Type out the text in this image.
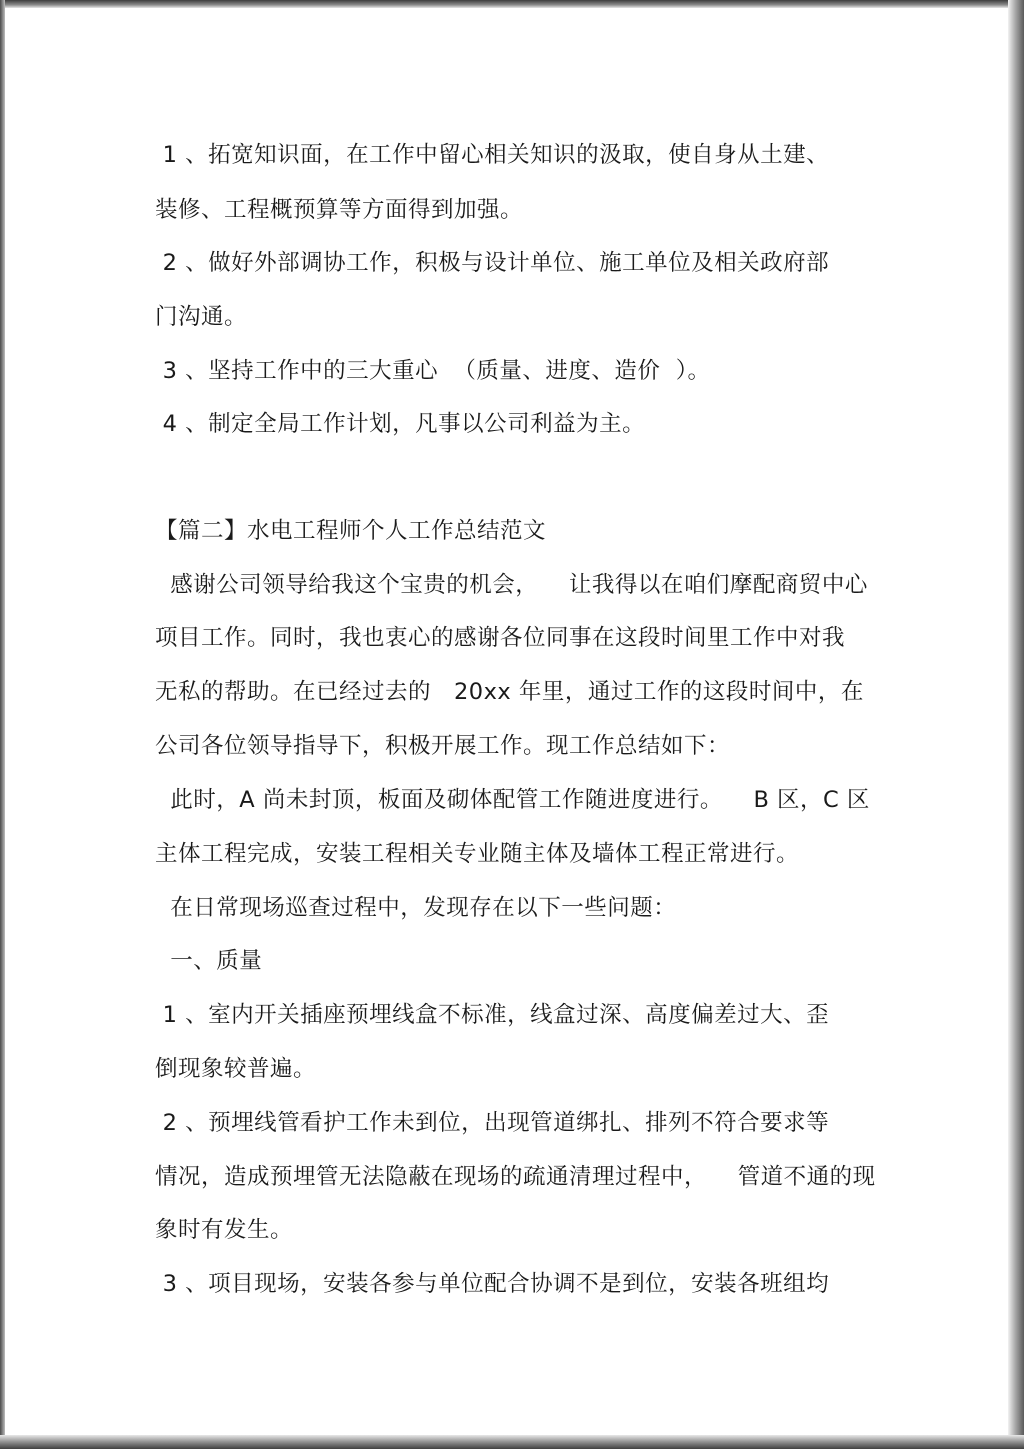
1 、拓宽知识面，在工作中留心相关知识的汲取，使自身从土建、
装修、工程概预算等方面得到加强。
2 、做好外部调协工作，积极与设计单位、施工单位及相关政府部
门沟通。
3 、坚持工作中的三大重心  （质量、进度、造价  ）。
4 、制定全局工作计划，凡事以公司利益为主。
【篇二】水电工程师个人工作总结范文
感谢公司领导给我这个宝贵的机会，    让我得以在咱们摩配商贸中心
项目工作。同时，我也衷心的感谢各位同事在这段时间里工作中对我
无私的帮助。在已经过去的   20xx 年里，通过工作的这段时间中，在
公司各位领导指导下，积极开展工作。现工作总结如下：
此时，A 尚未封顶，板面及砌体配管工作随进度进行。    B 区，C 区
主体工程完成，安装工程相关专业随主体及墙体工程正常进行。
在日常现场巡查过程中，发现存在以下一些问题：
一、质量
1 、室内开关插座预埋线盒不标准，线盒过深、高度偏差过大、歪
倒现象较普遍。
2 、预埋线管看护工作未到位，出现管道绑扎、排列不符合要求等
情况，造成预埋管无法隐蔽在现场的疏通清理过程中，    管道不通的现
象时有发生。
3 、项目现场，安装各参与单位配合协调不是到位，安装各班组均
